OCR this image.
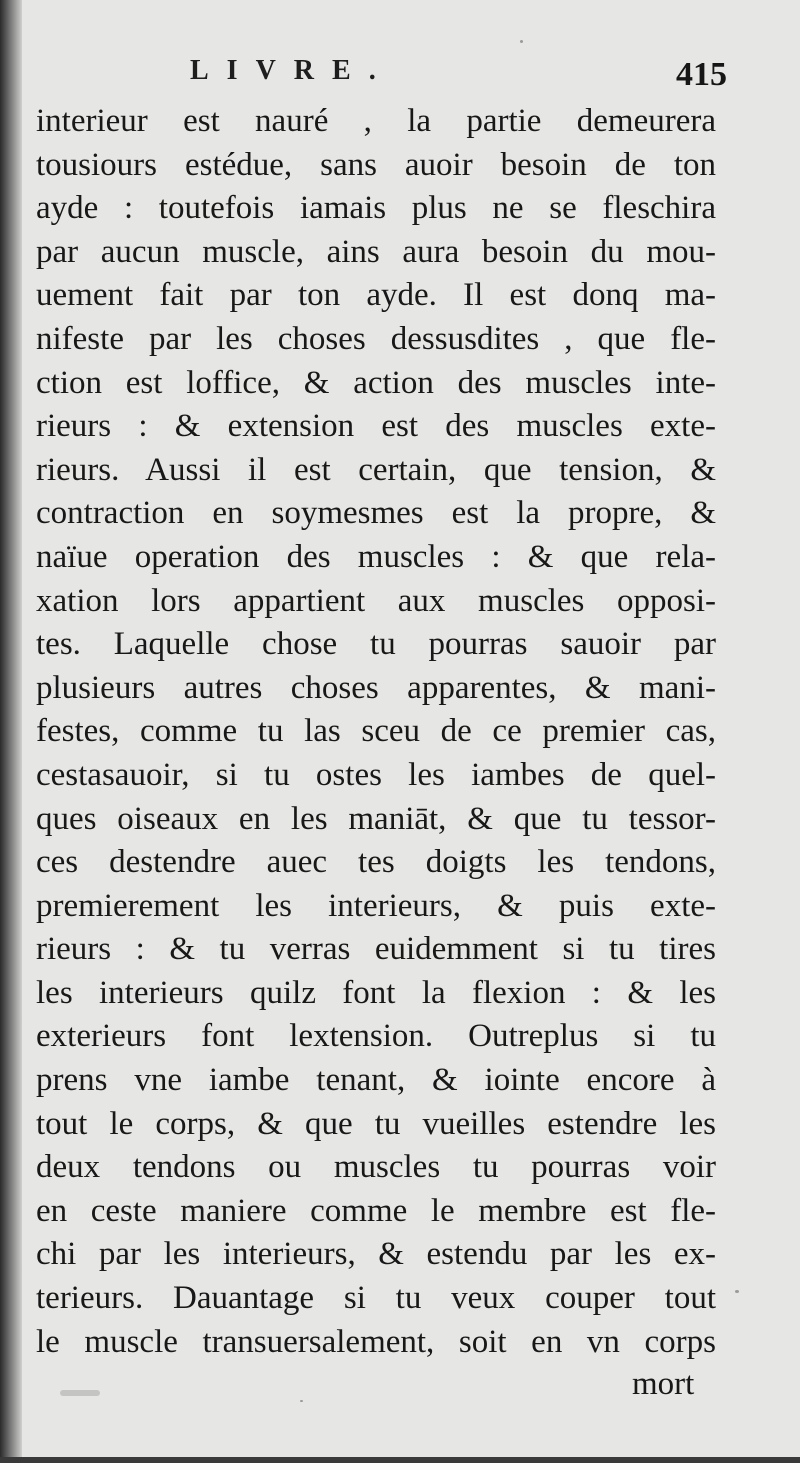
LIVRE.	415
interieur est nauré , la partie demeurera
tousiours estédue, sans auoir besoin de ton
ayde : toutefois iamais plus ne se fleschira
par aucun muscle, ains aura besoin du mou-
uement fait par ton ayde. Il est donq ma-
nifeste par les choses dessusdites , que fle-
ction est loffice, & action des muscles inte-
rieurs : & extension est des muscles exte-
rieurs. Aussi il est certain, que tension, &
contraction en soymesmes est la propre, &
naïue operation des muscles : & que rela-
xation lors appartient aux muscles opposi-
tes. Laquelle chose tu pourras sauoir par
plusieurs autres choses apparentes, & mani-
festes, comme tu las sceu de ce premier cas,
cestasauoir, si tu ostes les iambes de quel-
ques oiseaux en les maniāt, & que tu tessor-
ces destendre auec tes doigts les tendons,
premierement les interieurs, & puis exte-
rieurs : & tu verras euidemment si tu tires
les interieurs quilz font la flexion : & les
exterieurs font lextension. Outreplus si tu
prens vne iambe tenant, & iointe encore à
tout le corps, & que tu vueilles estendre les
deux tendons ou muscles tu pourras voir
en ceste maniere comme le membre est fle-
chi par les interieurs, & estendu par les ex-
terieurs. Dauantage si tu veux couper tout
le muscle transuersalement, soit en vn corps
mort
